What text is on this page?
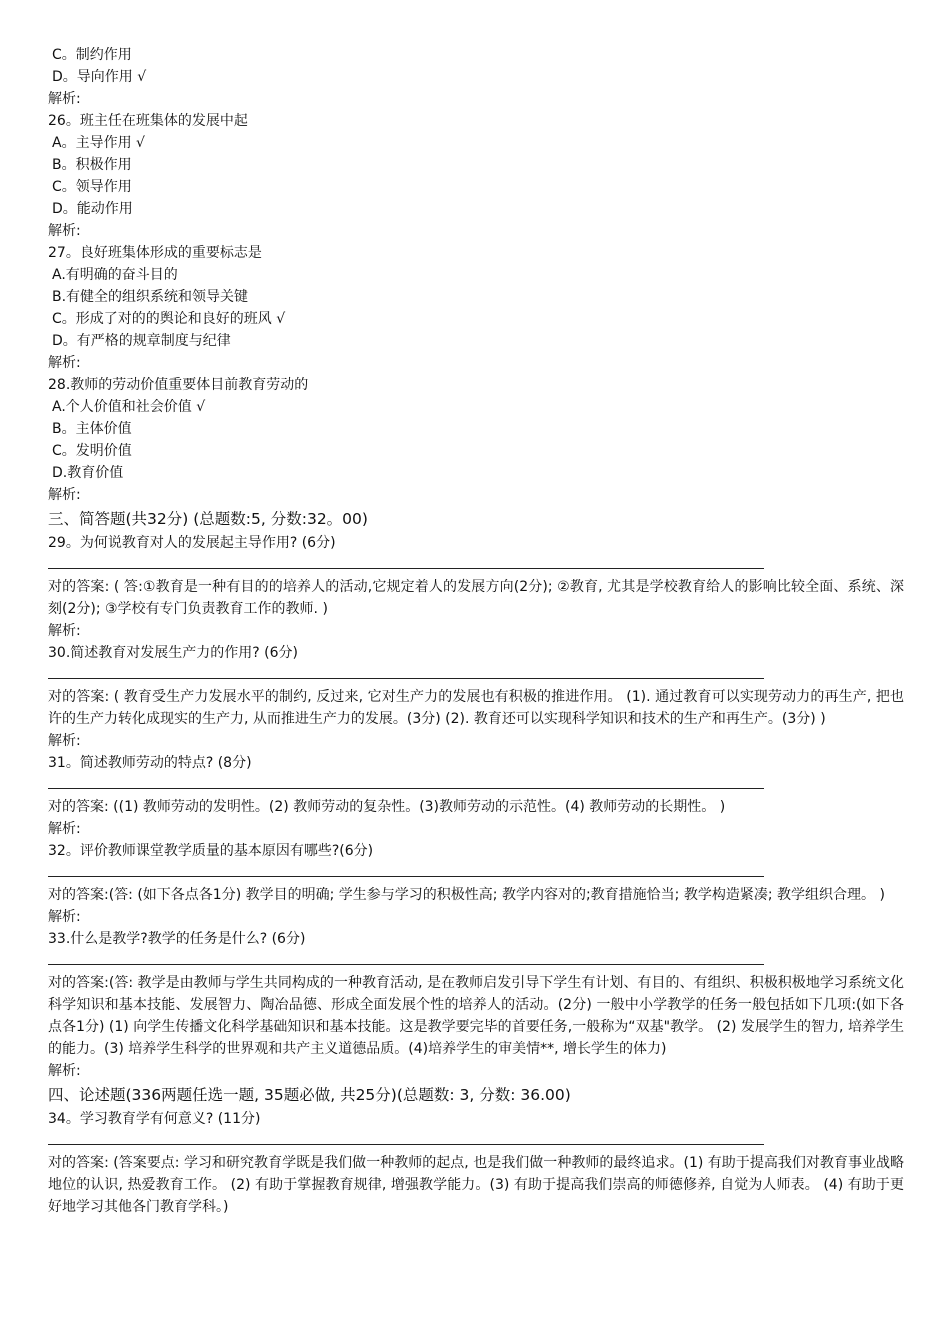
C。制约作用
D。导向作用 √
解析:
26。班主任在班集体的发展中起
A。主导作用 √
B。积极作用
C。领导作用
D。能动作用
解析:
27。良好班集体形成的重要标志是
A.有明确的奋斗目的
B.有健全的组织系统和领导关键
C。形成了对的的舆论和良好的班风 √
D。有严格的规章制度与纪律
解析:
28.教师的劳动价值重要体目前教育劳动的
A.个人价值和社会价值 √
B。主体价值
C。发明价值
D.教育价值
解析:
三、简答题(共32分) (总题数:5, 分数:32。00)
29。为何说教育对人的发展起主导作用? (6分)
对的答案: ( 答:①教育是一种有目的的培养人的活动,它规定着人的发展方向(2分); ②教育, 尤其是学校教育给人的影响比较全面、系统、深刻(2分); ③学校有专门负责教育工作的教师. )
解析:
30.简述教育对发展生产力的作用? (6分)
对的答案: ( 教育受生产力发展水平的制约, 反过来, 它对生产力的发展也有积极的推进作用。 (1). 通过教育可以实现劳动力的再生产, 把也许的生产力转化成现实的生产力, 从而推进生产力的发展。(3分) (2). 教育还可以实现科学知识和技术的生产和再生产。(3分) )
解析:
31。简述教师劳动的特点? (8分)
对的答案: ((1) 教师劳动的发明性。(2) 教师劳动的复杂性。(3)教师劳动的示范性。(4) 教师劳动的长期性。 )
解析:
32。评价教师课堂教学质量的基本原因有哪些?(6分)
对的答案:(答: (如下各点各1分) 教学目的明确; 学生参与学习的积极性高; 教学内容对的;教育措施恰当; 教学构造紧凑; 教学组织合理。 )
解析:
33.什么是教学?教学的任务是什么? (6分)
对的答案:(答: 教学是由教师与学生共同构成的一种教育活动, 是在教师启发引导下学生有计划、有目的、有组织、积极积极地学习系统文化科学知识和基本技能、发展智力、陶冶品德、形成全面发展个性的培养人的活动。(2分) 一般中小学教学的任务一般包括如下几项:(如下各点各1分) (1) 向学生传播文化科学基础知识和基本技能。这是教学要完毕的首要任务,一般称为“双基"教学。 (2) 发展学生的智力, 培养学生的能力。(3) 培养学生科学的世界观和共产主义道德品质。(4)培养学生的审美情**, 增长学生的体力)
解析:
四、论述题(336两题任选一题, 35题必做, 共25分)(总题数: 3, 分数: 36.00)
34。学习教育学有何意义? (11分)
对的答案: (答案要点: 学习和研究教育学既是我们做一种教师的起点, 也是我们做一种教师的最终追求。(1) 有助于提高我们对教育事业战略地位的认识, 热爱教育工作。 (2) 有助于掌握教育规律, 增强教学能力。(3) 有助于提高我们崇高的师德修养, 自觉为人师表。 (4) 有助于更好地学习其他各门教育学科。)
